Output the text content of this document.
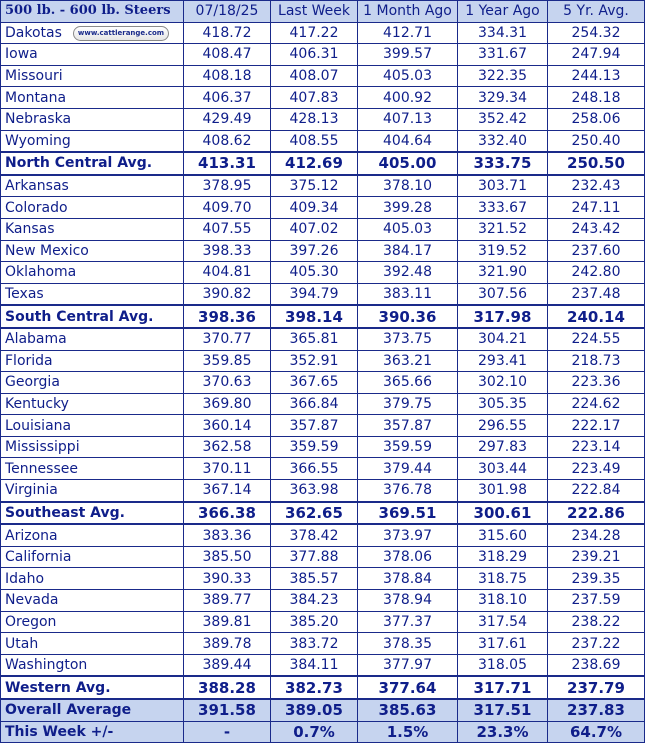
500 lb. - 600 lb. Steers	07/18/25	Last Week	1 Month Ago	1 Year Ago	5 Yr. Avg.
Dakotas www.cattlerange.com	418.72	417.22	412.71	334.31	254.32
Iowa	408.47	406.31	399.57	331.67	247.94
Missouri	408.18	408.07	405.03	322.35	244.13
Montana	406.37	407.83	400.92	329.34	248.18
Nebraska	429.49	428.13	407.13	352.42	258.06
Wyoming	408.62	408.55	404.64	332.40	250.40
North Central Avg.	413.31	412.69	405.00	333.75	250.50
Arkansas	378.95	375.12	378.10	303.71	232.43
Colorado	409.70	409.34	399.28	333.67	247.11
Kansas	407.55	407.02	405.03	321.52	243.42
New Mexico	398.33	397.26	384.17	319.52	237.60
Oklahoma	404.81	405.30	392.48	321.90	242.80
Texas	390.82	394.79	383.11	307.56	237.48
South Central Avg.	398.36	398.14	390.36	317.98	240.14
Alabama	370.77	365.81	373.75	304.21	224.55
Florida	359.85	352.91	363.21	293.41	218.73
Georgia	370.63	367.65	365.66	302.10	223.36
Kentucky	369.80	366.84	379.75	305.35	224.62
Louisiana	360.14	357.87	357.87	296.55	222.17
Mississippi	362.58	359.59	359.59	297.83	223.14
Tennessee	370.11	366.55	379.44	303.44	223.49
Virginia	367.14	363.98	376.78	301.98	222.84
Southeast Avg.	366.38	362.65	369.51	300.61	222.86
Arizona	383.36	378.42	373.97	315.60	234.28
California	385.50	377.88	378.06	318.29	239.21
Idaho	390.33	385.57	378.84	318.75	239.35
Nevada	389.77	384.23	378.94	318.10	237.59
Oregon	389.81	385.20	377.37	317.54	238.22
Utah	389.78	383.72	378.35	317.61	237.22
Washington	389.44	384.11	377.97	318.05	238.69
Western Avg.	388.28	382.73	377.64	317.71	237.79
Overall Average	391.58	389.05	385.63	317.51	237.83
This Week +/-	-	0.7%	1.5%	23.3%	64.7%
